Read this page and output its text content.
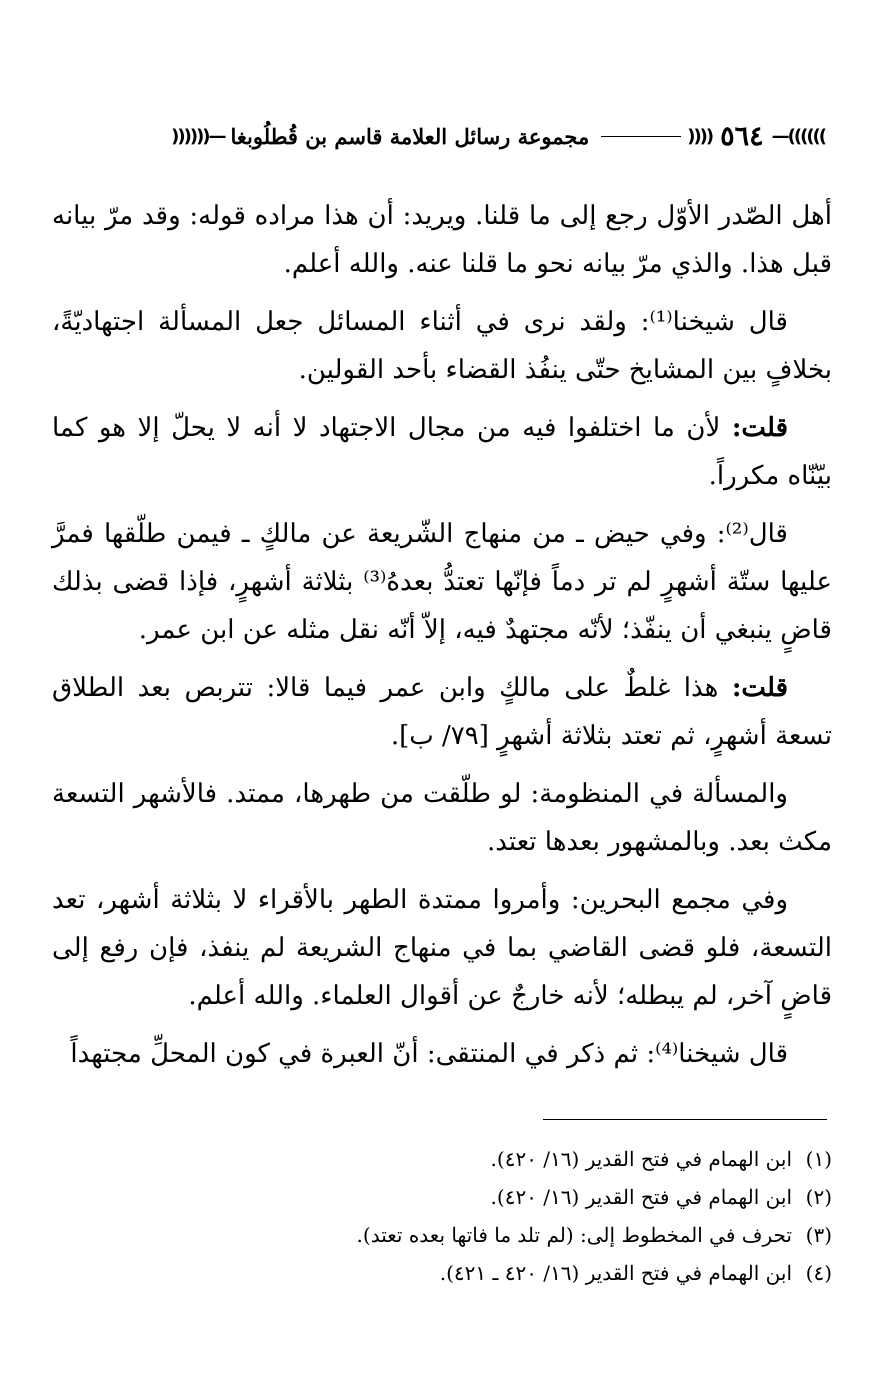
))))))—
٥٦٤
((((
مجموعة رسائل العلامة قاسم بن قُطلُوبغا
—((((((

أهل الصّدر الأوّل رجع إلى ما قلنا. ويريد: أن هذا مراده قوله: وقد مرّ بيانه قبل هذا. والذي مرّ بيانه نحو ما قلنا عنه. والله أعلم.

قال شيخنا⁽¹⁾: ولقد نرى في أثناء المسائل جعل المسألة اجتهاديّةً، بخلافٍ بين المشايخ حتّى ينفُذ القضاء بأحد القولين.

قلت: لأن ما اختلفوا فيه من مجال الاجتهاد لا أنه لا يحلّ إلا هو كما بيّنّاه مكرراً.

قال⁽²⁾: وفي حيض ـ من منهاج الشّريعة عن مالكٍ ـ فيمن طلّقها فمرَّ عليها ستّة أشهرٍ لم تر دماً فإنّها تعتدُّ بعدهُ⁽³⁾ بثلاثة أشهرٍ، فإذا قضى بذلك قاضٍ ينبغي أن ينفّذ؛ لأنّه مجتهدٌ فيه، إلاّ أنّه نقل مثله عن ابن عمر.

قلت: هذا غلطٌ على مالكٍ وابن عمر فيما قالا: تتربص بعد الطلاق تسعة أشهرٍ، ثم تعتد بثلاثة أشهرٍ [٧٩/ ب].

والمسألة في المنظومة: لو طلّقت من طهرها، ممتد. فالأشهر التسعة مكث بعد. وبالمشهور بعدها تعتد.

وفي مجمع البحرين: وأمروا ممتدة الطهر بالأقراء لا بثلاثة أشهر، تعد التسعة، فلو قضى القاضي بما في منهاج الشريعة لم ينفذ، فإن رفع إلى قاضٍ آخر، لم يبطله؛ لأنه خارجٌ عن أقوال العلماء. والله أعلم.

قال شيخنا⁽⁴⁾: ثم ذكر في المنتقى: أنّ العبرة في كون المحلِّ مجتهداً

(١)
ابن الهمام في فتح القدير (١٦/ ٤٢٠).
(٢)
ابن الهمام في فتح القدير (١٦/ ٤٢٠).
(٣)
تحرف في المخطوط إلى: (لم تلد ما فاتها بعده تعتد).
(٤)
ابن الهمام في فتح القدير (١٦/ ٤٢٠ ـ ٤٢١).
